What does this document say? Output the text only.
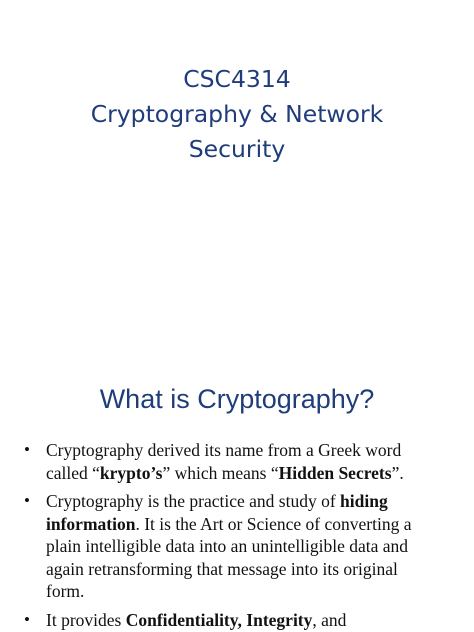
CSC4314
Cryptography & Network
Security
What is Cryptography?
• Cryptography derived its name from a Greek word
called “krypto’s” which means “Hidden Secrets”.
• Cryptography is the practice and study of hiding
information. It is the Art or Science of converting a
plain intelligible data into an unintelligible data and
again retransforming that message into its original
form.
• It provides Confidentiality, Integrity, and
